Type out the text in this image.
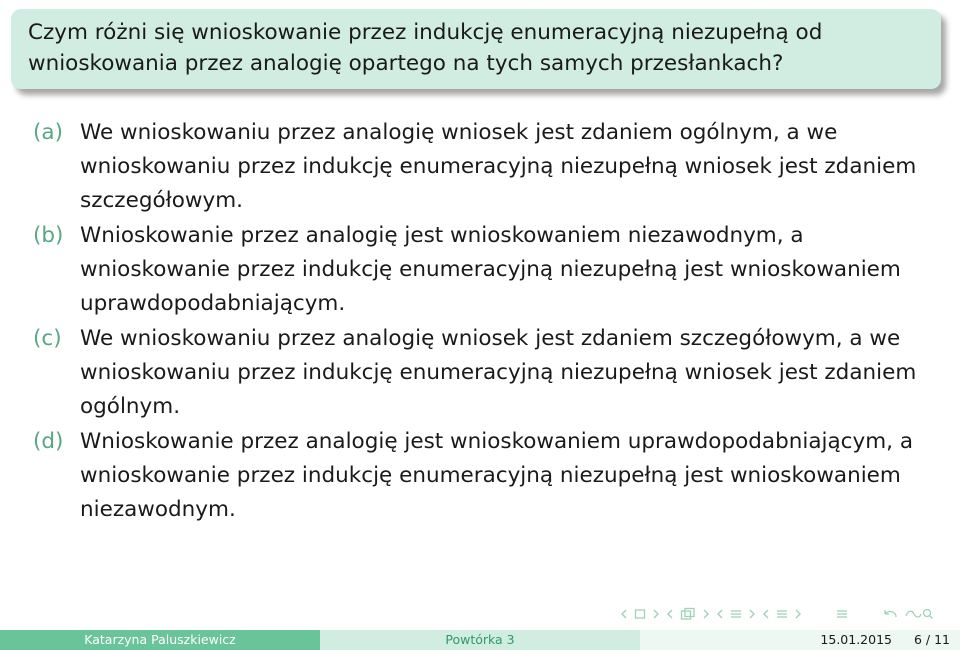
Czym różni się wnioskowanie przez indukcję enumeracyjną niezupełną od wnioskowania przez analogię opartego na tych samych przesłankach?
(a) We wnioskowaniu przez analogię wniosek jest zdaniem ogólnym, a we wnioskowaniu przez indukcję enumeracyjną niezupełną wniosek jest zdaniem szczegółowym.
(b) Wnioskowanie przez analogię jest wnioskowaniem niezawodnym, a wnioskowanie przez indukcję enumeracyjną niezupełną jest wnioskowaniem uprawdopodabniającym.
(c) We wnioskowaniu przez analogię wniosek jest zdaniem szczegółowym, a we wnioskowaniu przez indukcję enumeracyjną niezupełną wniosek jest zdaniem ogólnym.
(d) Wnioskowanie przez analogię jest wnioskowaniem uprawdopodabniającym, a wnioskowanie przez indukcję enumeracyjną niezupełną jest wnioskowaniem niezawodnym.
Katarzyna Paluszkiewicz	Powtórka 3	15.01.2015 6 / 11
